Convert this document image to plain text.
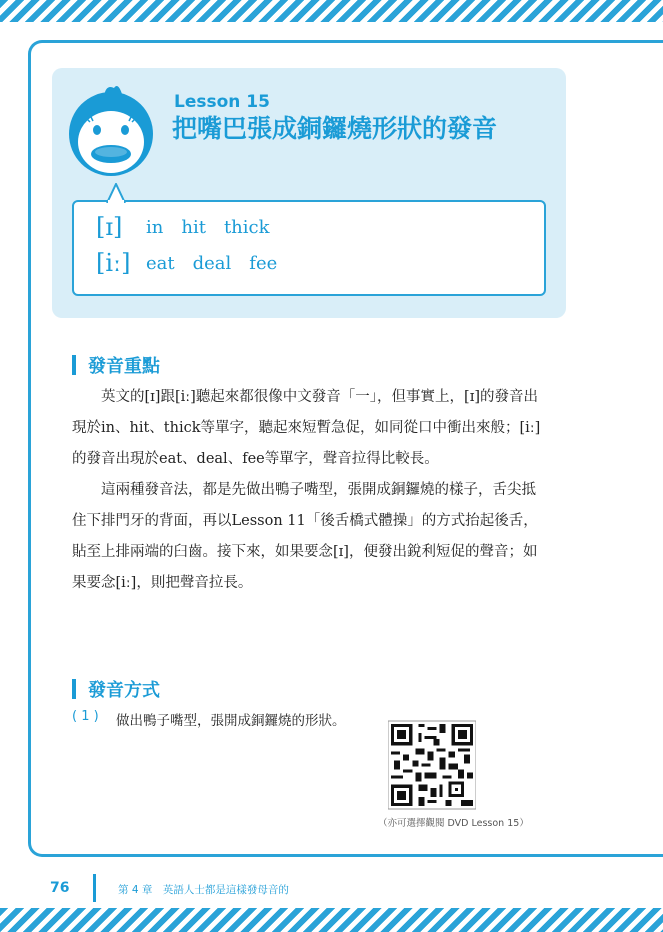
Lesson 15
把嘴巴張成銅鑼燒形狀的發音
[ɪ]	in hit thick
[iː] eat deal fee
發音重點

英文的[ɪ]跟[iː]聽起來都很像中文發音「一」，但事實上，[ɪ]的發音出現於in、hit、thick等單字，聽起來短暫急促，如同從口中衝出來般；[iː]的發音出現於eat、deal、fee等單字，聲音拉得比較長。

這兩種發音法，都是先做出鴨子嘴型，張開成銅鑼燒的樣子，舌尖抵住下排門牙的背面，再以Lesson 11「後舌橋式體操」的方式抬起後舌，貼至上排兩端的臼齒。接下來，如果要念[ɪ]，便發出銳利短促的聲音；如果要念[iː]，則把聲音拉長。

發音方式
( 1 ) 做出鴨子嘴型，張開成銅鑼燒的形狀。
（亦可選擇觀閱 DVD Lesson 15）
76	第 4 章　英語人士都是這樣發母音的
